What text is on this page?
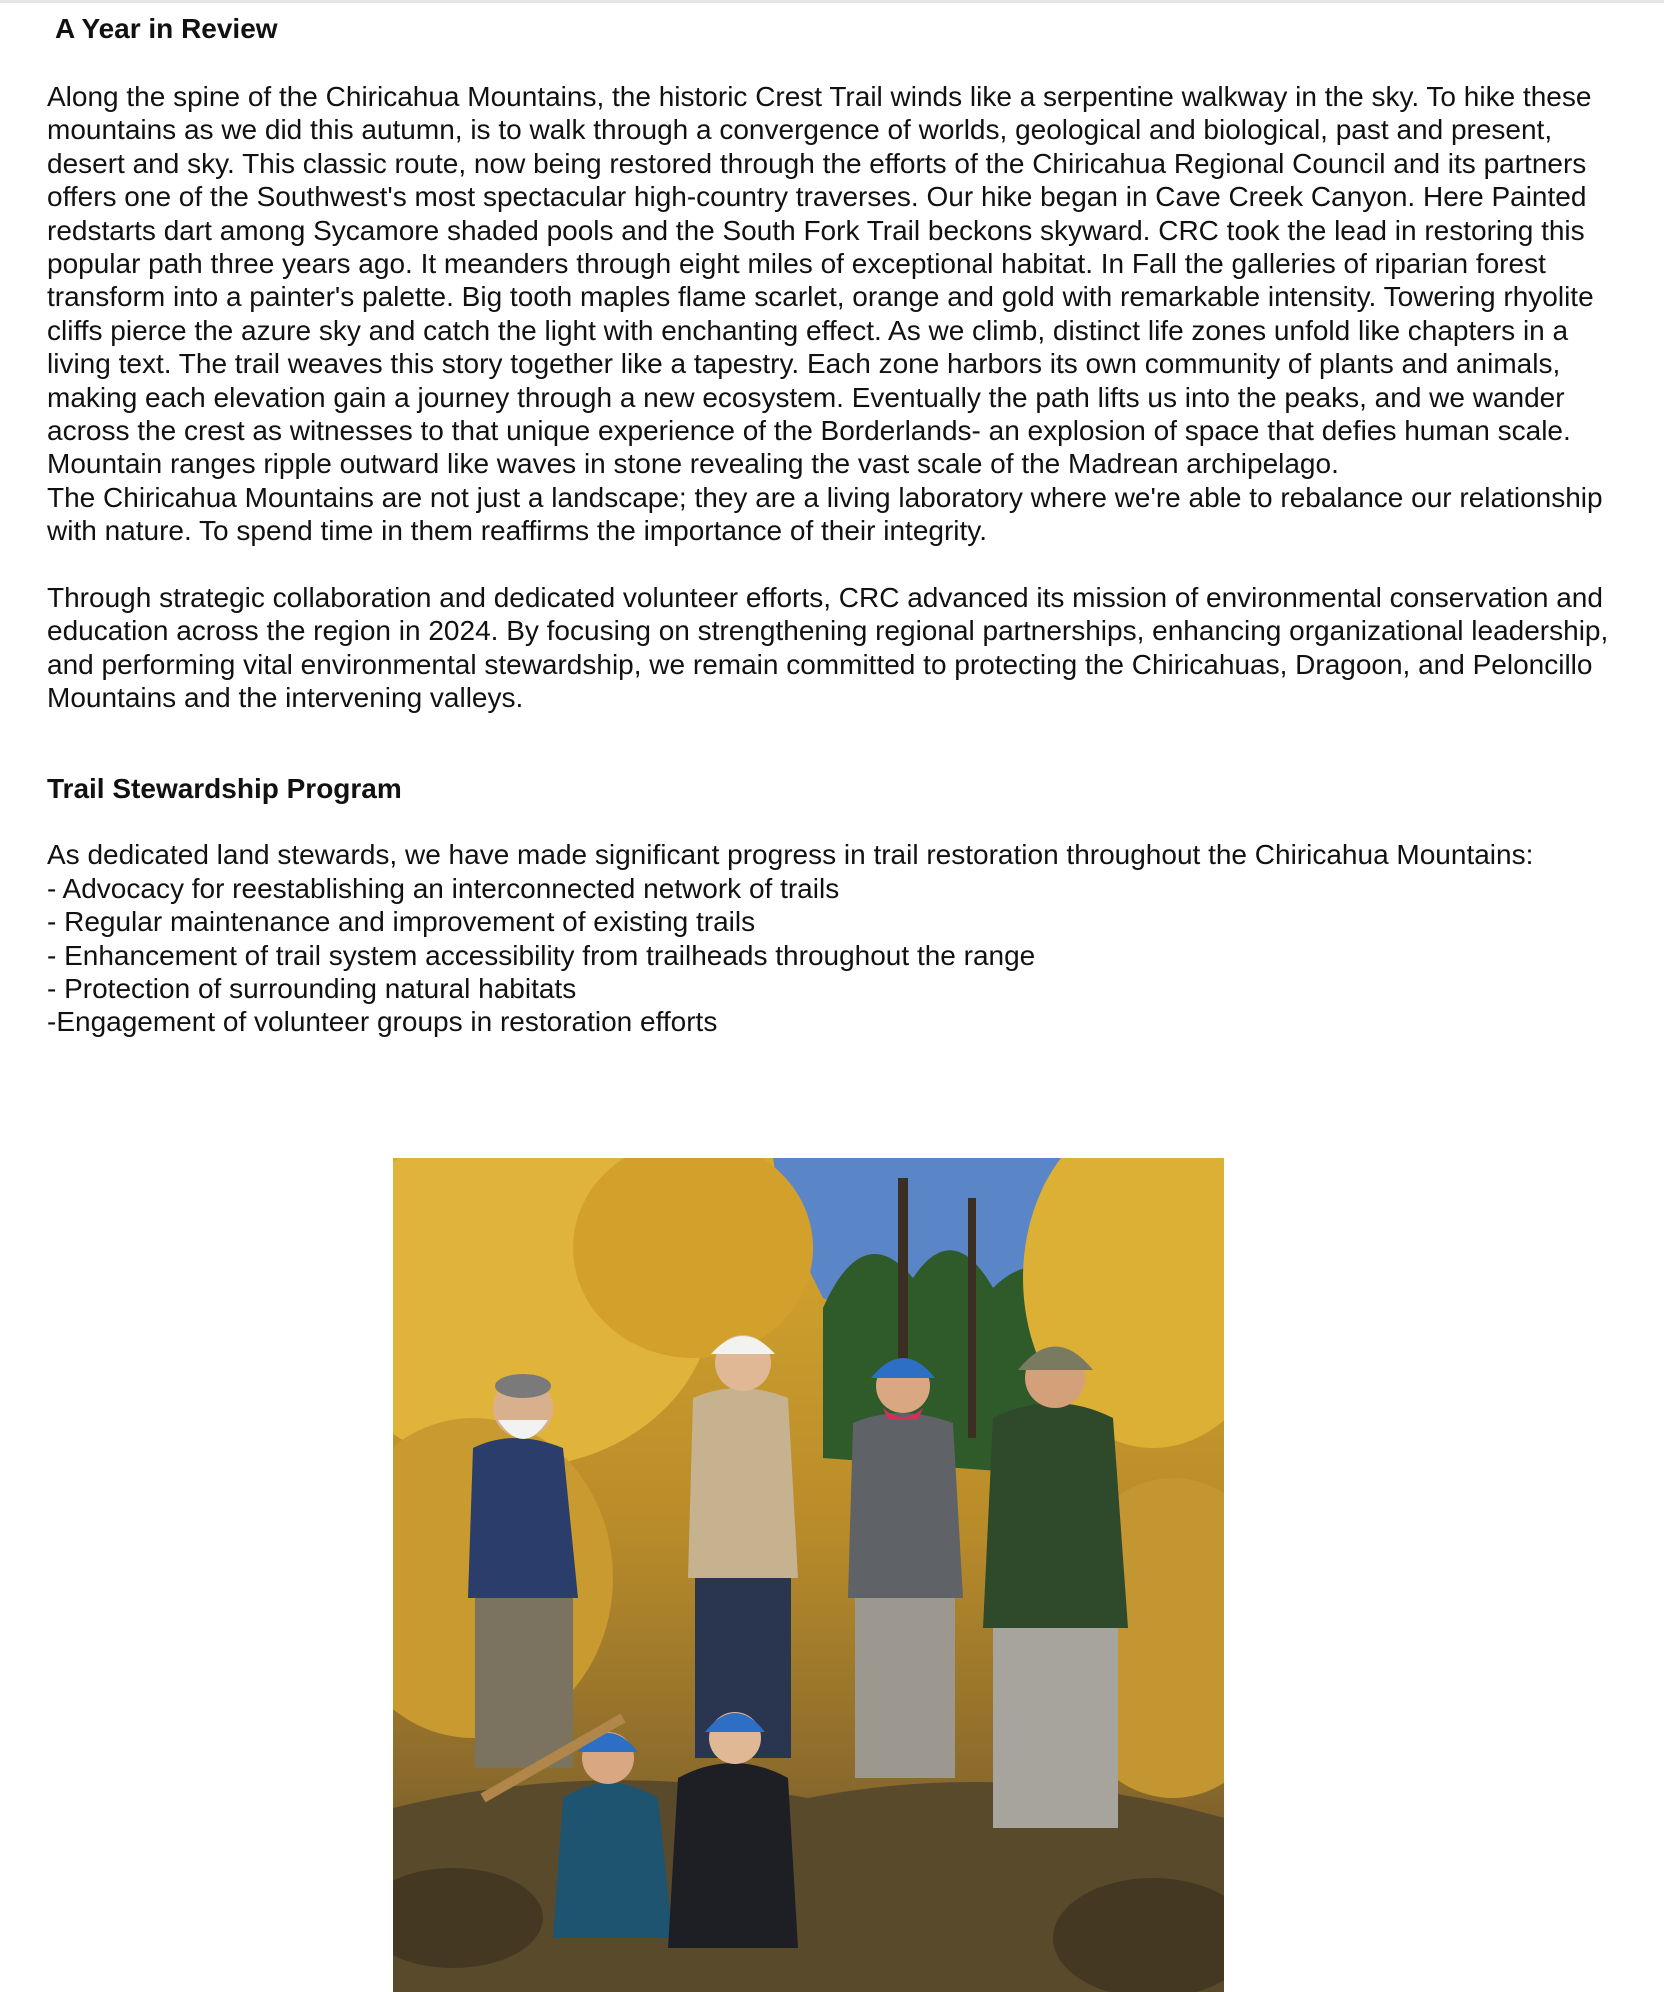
A Year in Review

Along the spine of the Chiricahua Mountains, the historic Crest Trail winds like a serpentine walkway in the sky. To hike these mountains as we did this autumn, is to walk through a convergence of worlds, geological and biological, past and present, desert and sky. This classic route, now being restored through the efforts of the Chiricahua Regional Council and its partners offers one of the Southwest's most spectacular high-country traverses. Our hike began in Cave Creek Canyon. Here Painted redstarts dart among Sycamore shaded pools and the South Fork Trail beckons skyward. CRC took the lead in restoring this popular path three years ago. It meanders through eight miles of exceptional habitat. In Fall the galleries of riparian forest transform into a painter's palette. Big tooth maples flame scarlet, orange and gold with remarkable intensity. Towering rhyolite cliffs pierce the azure sky and catch the light with enchanting effect. As we climb, distinct life zones unfold like chapters in a living text. The trail weaves this story together like a tapestry. Each zone harbors its own community of plants and animals, making each elevation gain a journey through a new ecosystem. Eventually the path lifts us into the peaks, and we wander across the crest as witnesses to that unique experience of the Borderlands- an explosion of space that defies human scale. Mountain ranges ripple outward like waves in stone revealing the vast scale of the Madrean archipelago.

The Chiricahua Mountains are not just a landscape; they are a living laboratory where we're able to rebalance our relationship with nature. To spend time in them reaffirms the importance of their integrity.

Through strategic collaboration and dedicated volunteer efforts, CRC advanced its mission of environmental conservation and education across the region in 2024. By focusing on strengthening regional partnerships, enhancing organizational leadership, and performing vital environmental stewardship, we remain committed to protecting the Chiricahuas, Dragoon, and Peloncillo Mountains and the intervening valleys.

Trail Stewardship Program

As dedicated land stewards, we have made significant progress in trail restoration throughout the Chiricahua Mountains:

- Advocacy for reestablishing an interconnected network of trails
- Regular maintenance and improvement of existing trails
- Enhancement of trail system accessibility from trailheads throughout the range
- Protection of surrounding natural habitats
-Engagement of volunteer groups in restoration efforts
